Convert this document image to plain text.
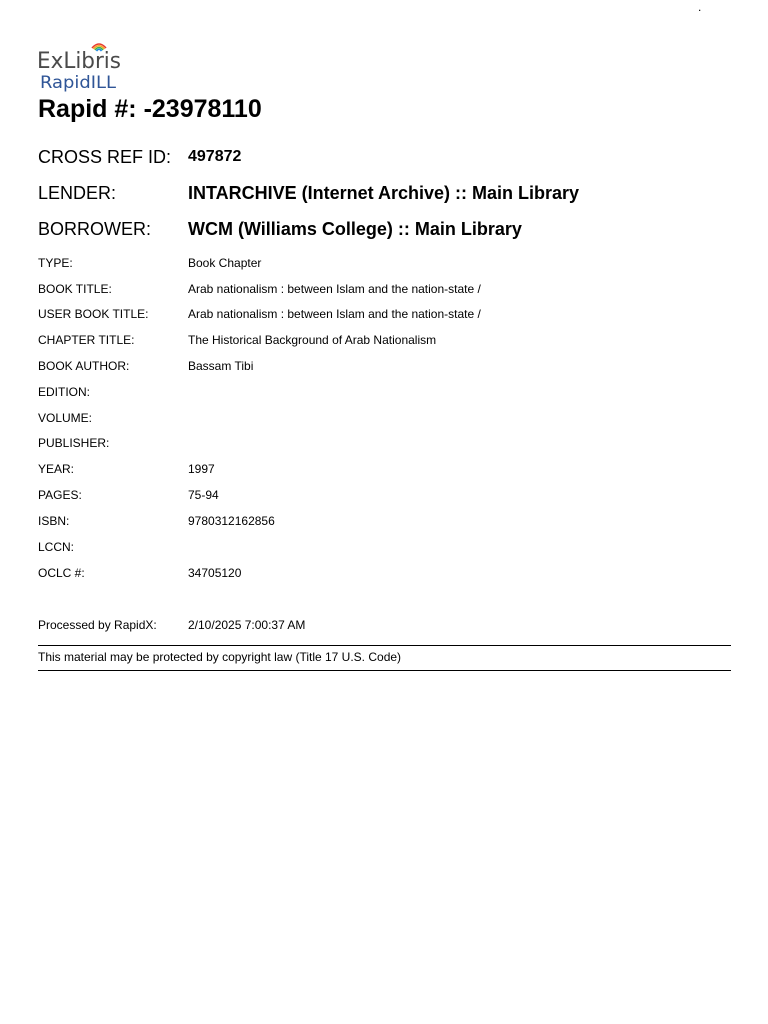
.
ExLibris
RapidILL
Rapid #: -23978110
CROSS REF ID: 497872
LENDER:	INTARCHIVE (Internet Archive) :: Main Library
BORROWER: WCM (Williams College) :: Main Library
TYPE:	Book Chapter
BOOK TITLE:	Arab nationalism : between Islam and the nation-state /
USER BOOK TITLE:	Arab nationalism : between Islam and the nation-state /
CHAPTER TITLE:	The Historical Background of Arab Nationalism
BOOK AUTHOR:	Bassam Tibi
EDITION:
VOLUME:
PUBLISHER:
YEAR:	1997
PAGES:	75-94
ISBN:	9780312162856
LCCN:
OCLC #:	34705120
Processed by RapidX:	2/10/2025 7:00:37 AM
This material may be protected by copyright law (Title 17 U.S. Code)
